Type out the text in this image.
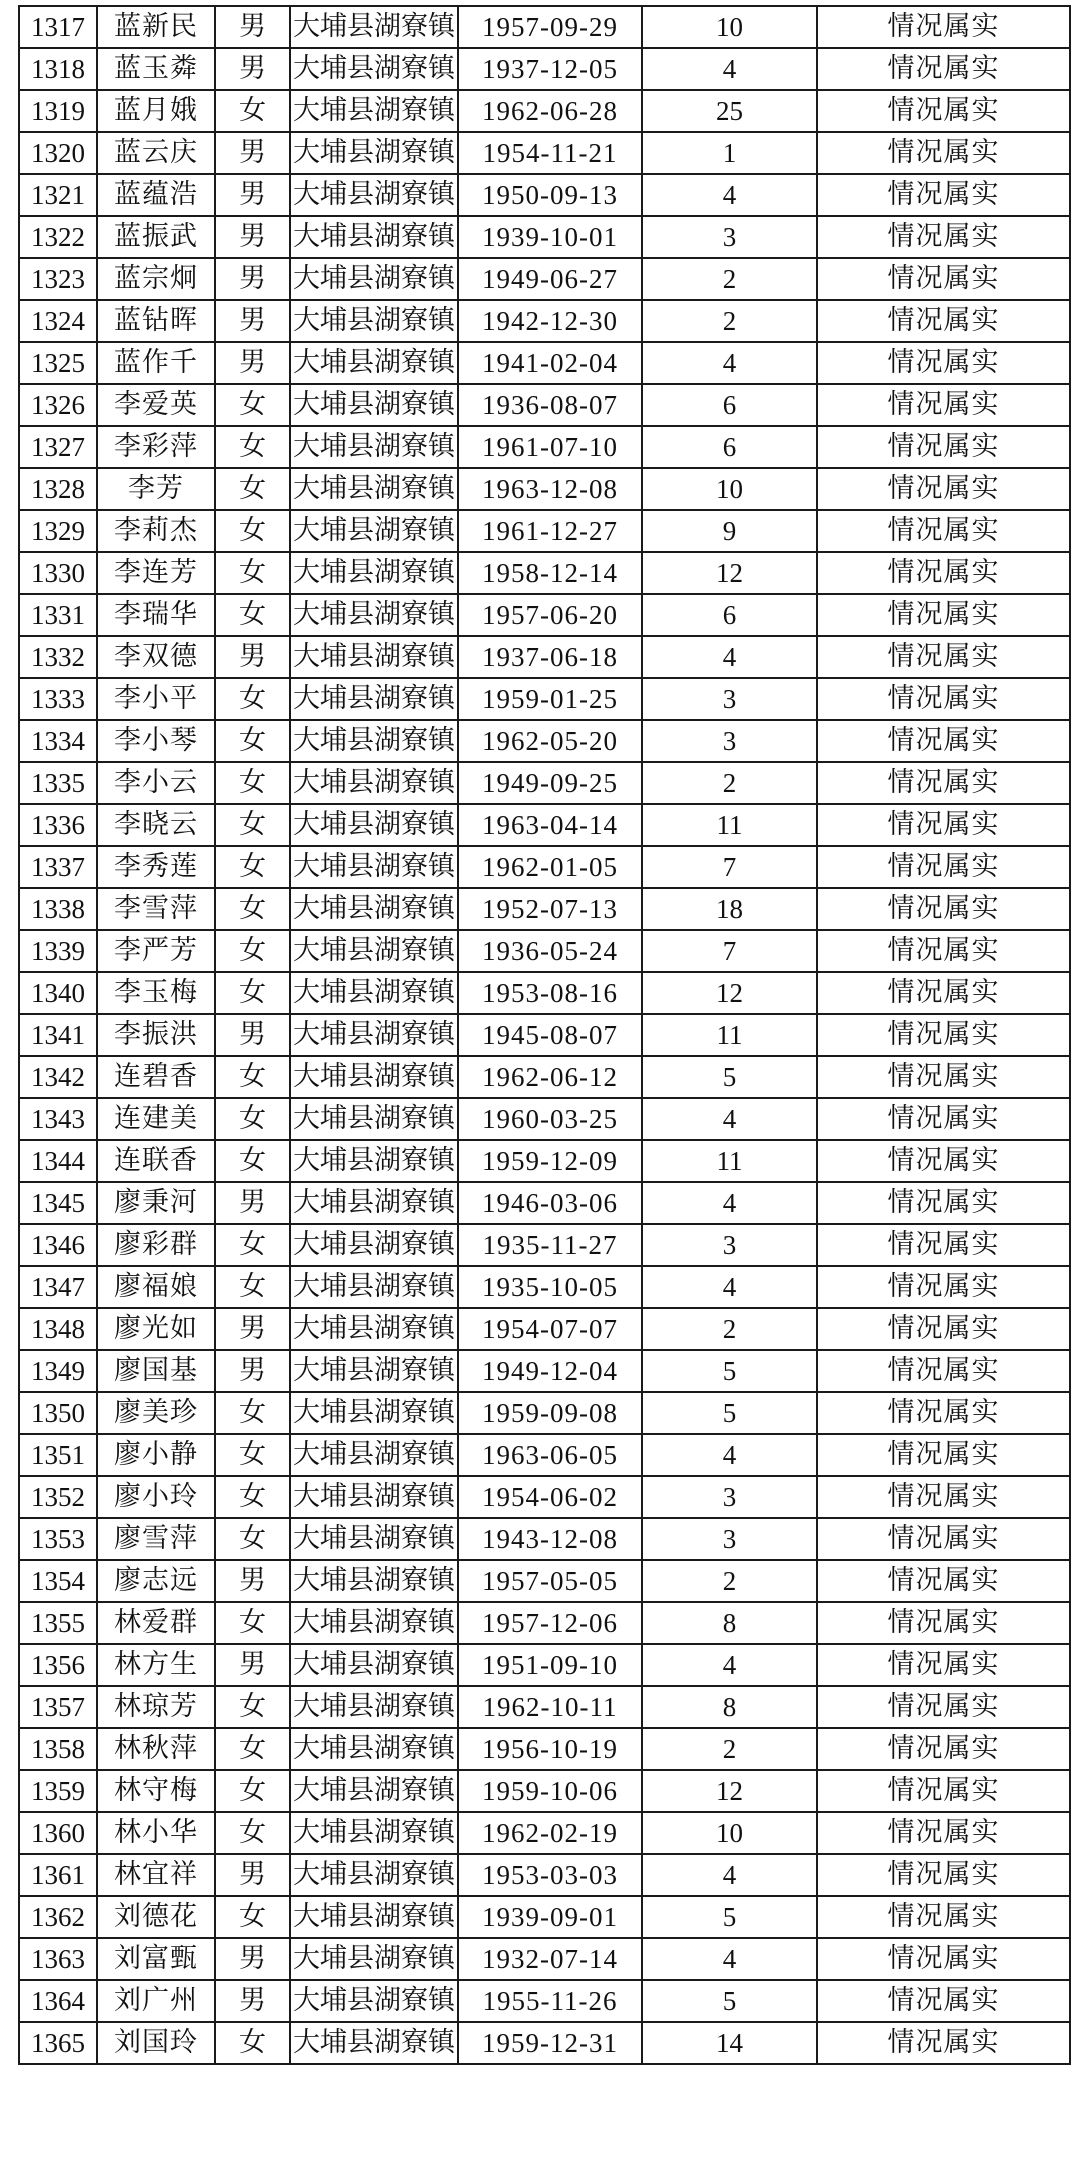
1317	蓝新民	男	大埔县湖寮镇	1957-09-29	10	情况属实
1318	蓝玉粦	男	大埔县湖寮镇	1937-12-05	4	情况属实
1319	蓝月娥	女	大埔县湖寮镇	1962-06-28	25	情况属实
1320	蓝云庆	男	大埔县湖寮镇	1954-11-21	1	情况属实
1321	蓝蕴浩	男	大埔县湖寮镇	1950-09-13	4	情况属实
1322	蓝振武	男	大埔县湖寮镇	1939-10-01	3	情况属实
1323	蓝宗炯	男	大埔县湖寮镇	1949-06-27	2	情况属实
1324	蓝钻晖	男	大埔县湖寮镇	1942-12-30	2	情况属实
1325	蓝作千	男	大埔县湖寮镇	1941-02-04	4	情况属实
1326	李爱英	女	大埔县湖寮镇	1936-08-07	6	情况属实
1327	李彩萍	女	大埔县湖寮镇	1961-07-10	6	情况属实
1328	李芳	女	大埔县湖寮镇	1963-12-08	10	情况属实
1329	李莉杰	女	大埔县湖寮镇	1961-12-27	9	情况属实
1330	李连芳	女	大埔县湖寮镇	1958-12-14	12	情况属实
1331	李瑞华	女	大埔县湖寮镇	1957-06-20	6	情况属实
1332	李双德	男	大埔县湖寮镇	1937-06-18	4	情况属实
1333	李小平	女	大埔县湖寮镇	1959-01-25	3	情况属实
1334	李小琴	女	大埔县湖寮镇	1962-05-20	3	情况属实
1335	李小云	女	大埔县湖寮镇	1949-09-25	2	情况属实
1336	李晓云	女	大埔县湖寮镇	1963-04-14	11	情况属实
1337	李秀莲	女	大埔县湖寮镇	1962-01-05	7	情况属实
1338	李雪萍	女	大埔县湖寮镇	1952-07-13	18	情况属实
1339	李严芳	女	大埔县湖寮镇	1936-05-24	7	情况属实
1340	李玉梅	女	大埔县湖寮镇	1953-08-16	12	情况属实
1341	李振洪	男	大埔县湖寮镇	1945-08-07	11	情况属实
1342	连碧香	女	大埔县湖寮镇	1962-06-12	5	情况属实
1343	连建美	女	大埔县湖寮镇	1960-03-25	4	情况属实
1344	连联香	女	大埔县湖寮镇	1959-12-09	11	情况属实
1345	廖秉河	男	大埔县湖寮镇	1946-03-06	4	情况属实
1346	廖彩群	女	大埔县湖寮镇	1935-11-27	3	情况属实
1347	廖福娘	女	大埔县湖寮镇	1935-10-05	4	情况属实
1348	廖光如	男	大埔县湖寮镇	1954-07-07	2	情况属实
1349	廖国基	男	大埔县湖寮镇	1949-12-04	5	情况属实
1350	廖美珍	女	大埔县湖寮镇	1959-09-08	5	情况属实
1351	廖小静	女	大埔县湖寮镇	1963-06-05	4	情况属实
1352	廖小玲	女	大埔县湖寮镇	1954-06-02	3	情况属实
1353	廖雪萍	女	大埔县湖寮镇	1943-12-08	3	情况属实
1354	廖志远	男	大埔县湖寮镇	1957-05-05	2	情况属实
1355	林爱群	女	大埔县湖寮镇	1957-12-06	8	情况属实
1356	林方生	男	大埔县湖寮镇	1951-09-10	4	情况属实
1357	林琼芳	女	大埔县湖寮镇	1962-10-11	8	情况属实
1358	林秋萍	女	大埔县湖寮镇	1956-10-19	2	情况属实
1359	林守梅	女	大埔县湖寮镇	1959-10-06	12	情况属实
1360	林小华	女	大埔县湖寮镇	1962-02-19	10	情况属实
1361	林宜祥	男	大埔县湖寮镇	1953-03-03	4	情况属实
1362	刘德花	女	大埔县湖寮镇	1939-09-01	5	情况属实
1363	刘富甄	男	大埔县湖寮镇	1932-07-14	4	情况属实
1364	刘广州	男	大埔县湖寮镇	1955-11-26	5	情况属实
1365	刘国玲	女	大埔县湖寮镇	1959-12-31	14	情况属实
